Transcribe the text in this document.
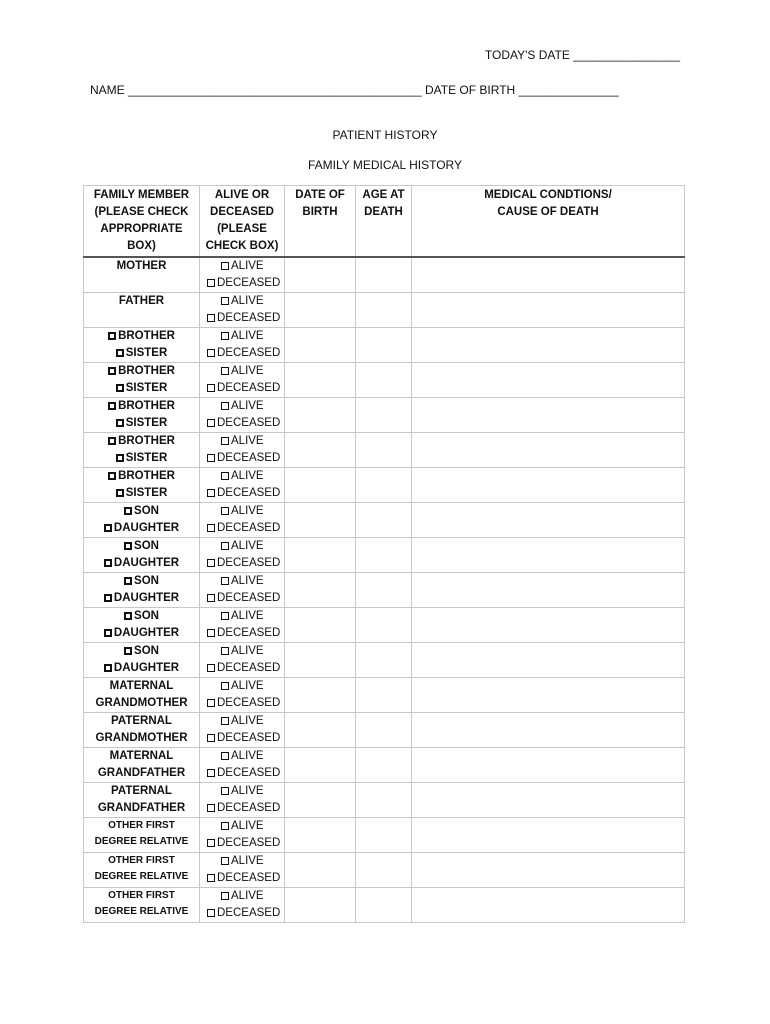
TODAY'S DATE ________________
NAME ____________________________________________ DATE OF BIRTH _______________
PATIENT HISTORY
FAMILY MEDICAL HISTORY
FAMILY MEMBER
(PLEASE CHECK
APPROPRIATE
BOX)	ALIVE OR
DECEASED
(PLEASE
CHECK BOX)	DATE OF
BIRTH	AGE AT
DEATH	MEDICAL CONDTIONS/
CAUSE OF DEATH

MOTHER	ALIVE
DECEASED			

FATHER	ALIVE
DECEASED			

BROTHER
SISTER	ALIVE
DECEASED			

BROTHER
SISTER	ALIVE
DECEASED			

BROTHER
SISTER	ALIVE
DECEASED			

BROTHER
SISTER	ALIVE
DECEASED			

BROTHER
SISTER	ALIVE
DECEASED			

SON
DAUGHTER	ALIVE
DECEASED			

SON
DAUGHTER	ALIVE
DECEASED			

SON
DAUGHTER	ALIVE
DECEASED			

SON
DAUGHTER	ALIVE
DECEASED			

SON
DAUGHTER	ALIVE
DECEASED			

MATERNAL
GRANDMOTHER	ALIVE
DECEASED			

PATERNAL
GRANDMOTHER	ALIVE
DECEASED			

MATERNAL
GRANDFATHER	ALIVE
DECEASED			

PATERNAL
GRANDFATHER	ALIVE
DECEASED			

OTHER FIRST
DEGREE RELATIVE	ALIVE
DECEASED			

OTHER FIRST
DEGREE RELATIVE	ALIVE
DECEASED			

OTHER FIRST
DEGREE RELATIVE	ALIVE
DECEASED			
